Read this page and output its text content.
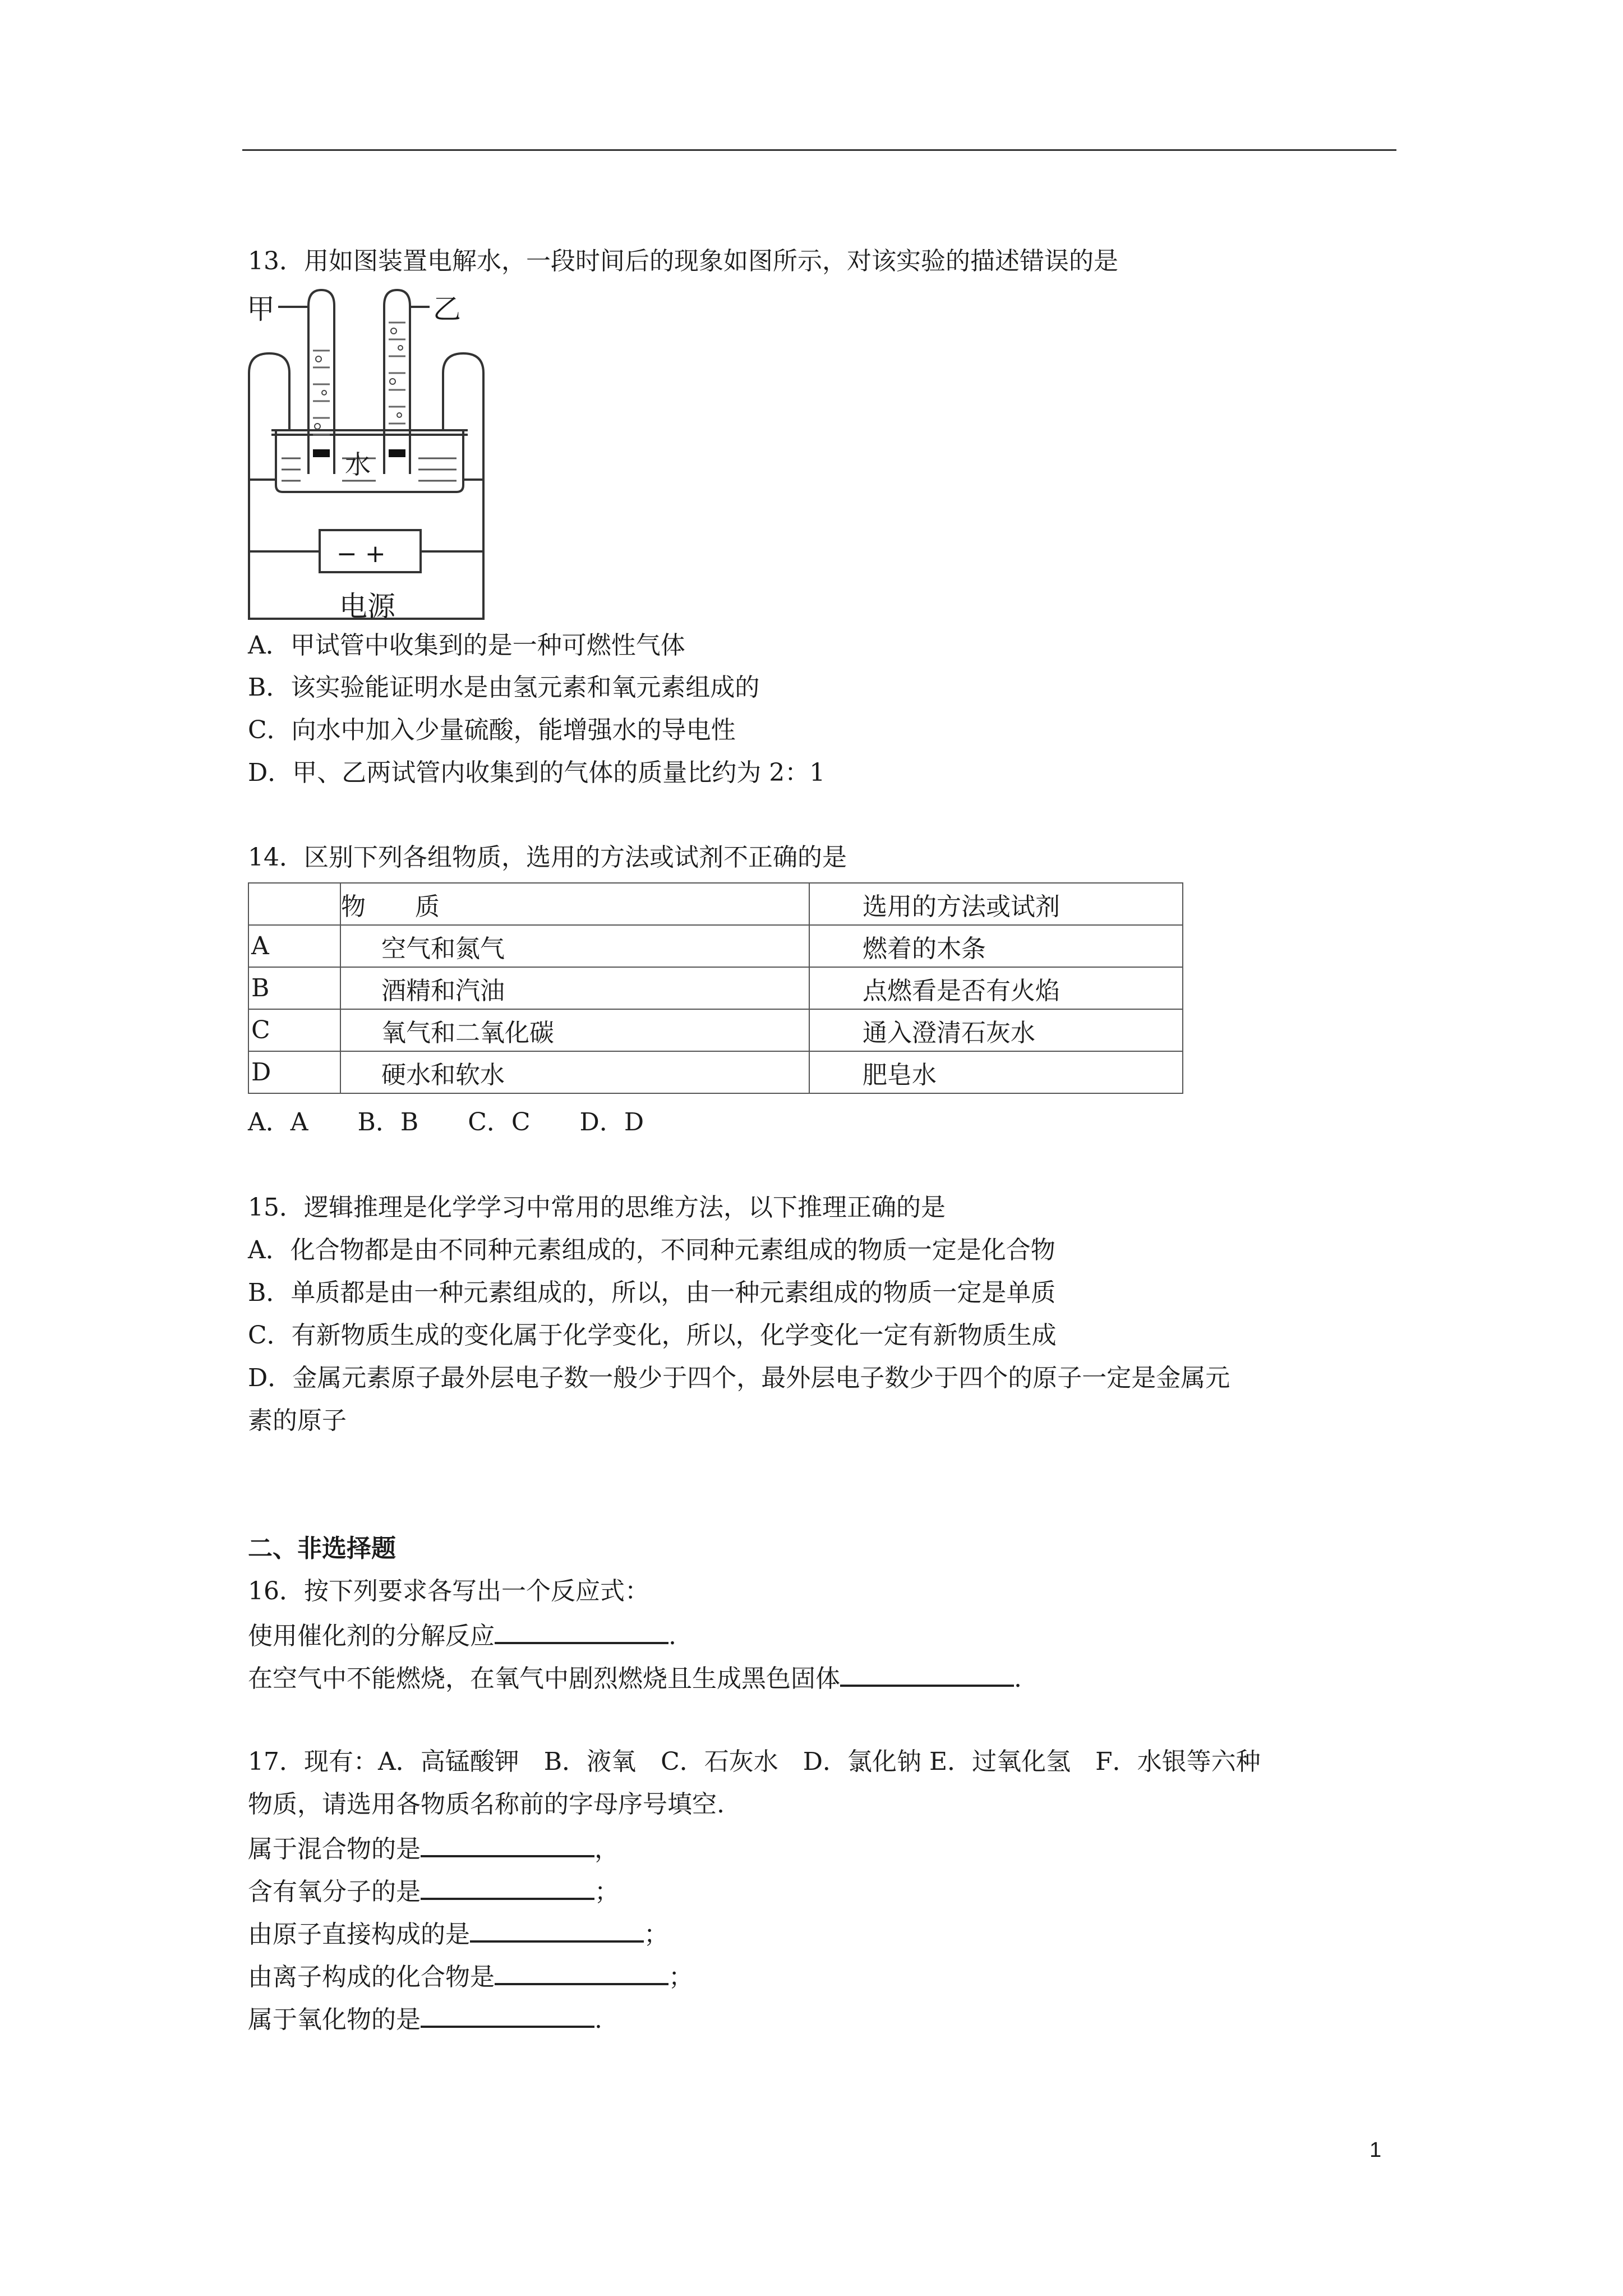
13．用如图装置电解水，一段时间后的现象如图所示，对该实验的描述错误的是
甲	乙
水
− +
电源
A．甲试管中收集到的是一种可燃性气体
B．该实验能证明水是由氢元素和氧元素组成的
C．向水中加入少量硫酸，能增强水的导电性
D．甲、乙两试管内收集到的气体的质量比约为 2：1
14．区别下列各组物质，选用的方法或试剂不正确的是
	物　　质	选用的方法或试剂
A	空气和氮气	燃着的木条
B	酒精和汽油	点燃看是否有火焰
C	氧气和二氧化碳	通入澄清石灰水
D	硬水和软水	肥皂水
A．A　　B．B　　C．C　　D．D
15．逻辑推理是化学学习中常用的思维方法，以下推理正确的是
A．化合物都是由不同种元素组成的，不同种元素组成的物质一定是化合物
B．单质都是由一种元素组成的，所以，由一种元素组成的物质一定是单质
C．有新物质生成的变化属于化学变化，所以，化学变化一定有新物质生成
D．金属元素原子最外层电子数一般少于四个，最外层电子数少于四个的原子一定是金属元
素的原子
二、非选择题
16．按下列要求各写出一个反应式：
使用催化剂的分解反应	.
在空气中不能燃烧，在氧气中剧烈燃烧且生成黑色固体	.
17．现有：A．高锰酸钾　B．液氧　C．石灰水　D．氯化钠 E．过氧化氢　F．水银等六种
物质，请选用各物质名称前的字母序号填空.
属于混合物的是	，
含有氧分子的是	；
由原子直接构成的是	；
由离子构成的化合物是	；
属于氧化物的是	.
1
